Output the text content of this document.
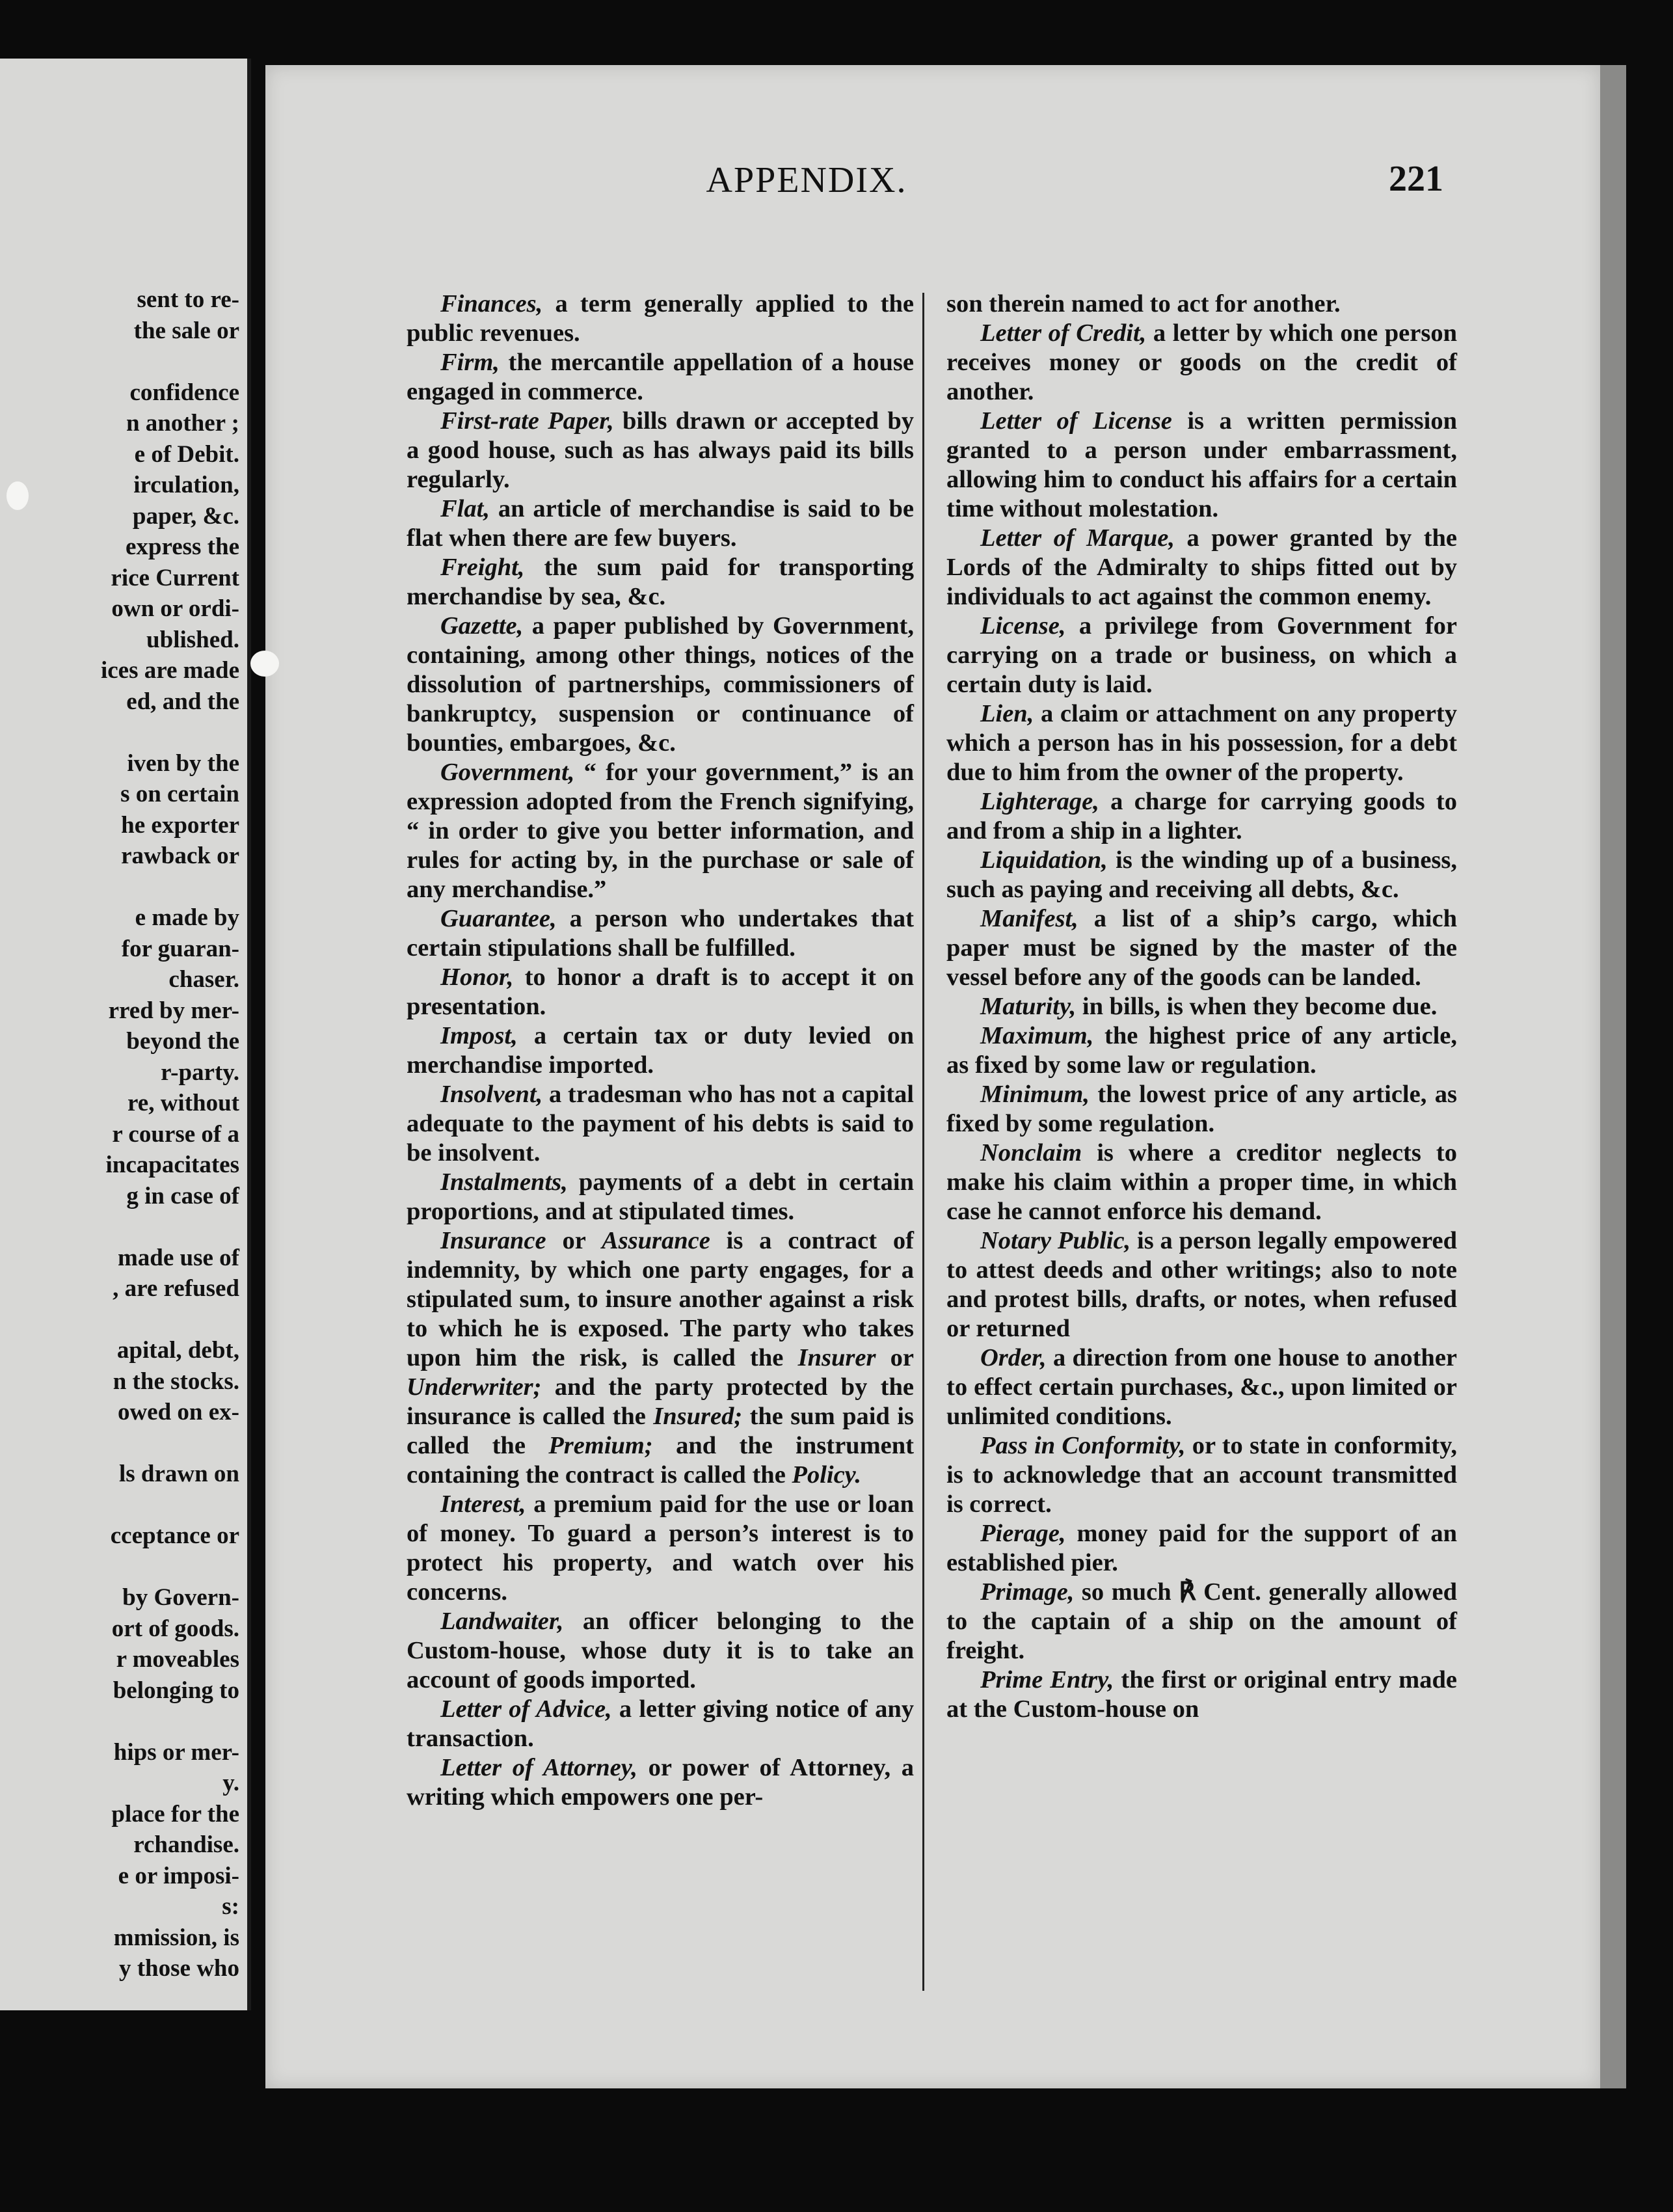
sent to re-
the sale or
confidence
n another ;
e of Debit.
irculation,
paper, &c.
express the
rice Current
own or ordi-
ublished.
ices are made
ed, and the
iven by the
s on certain
he exporter
rawback or
e made by
for guaran-
chaser.
rred by mer-
beyond the
r-party.
re, without
r course of a
incapacitates
g in case of
made use of
, are refused
apital, debt,
n the stocks.
owed on ex-
ls drawn on
cceptance or
by Govern-
ort of goods.
r moveables
belonging to
hips or mer-
y.
place for the
rchandise.
e or imposi-
s:
mmission, is
y those who
APPENDIX.	221
Finances, a term generally applied to the public revenues.
Firm, the mercantile appellation of a house engaged in commerce.
First-rate Paper, bills drawn or accepted by a good house, such as has always paid its bills regularly.
Flat, an article of merchandise is said to be flat when there are few buyers.
Freight, the sum paid for transporting merchandise by sea, &c.
Gazette, a paper published by Government, containing, among other things, notices of the dissolution of partnerships, commissioners of bankruptcy, suspension or continuance of bounties, embargoes, &c.
Government, “ for your government,” is an expression adopted from the French signifying, “ in order to give you better information, and rules for acting by, in the purchase or sale of any merchandise.”
Guarantee, a person who undertakes that certain stipulations shall be fulfilled.
Honor, to honor a draft is to accept it on presentation.
Impost, a certain tax or duty levied on merchandise imported.
Insolvent, a tradesman who has not a capital adequate to the payment of his debts is said to be insolvent.
Instalments, payments of a debt in certain proportions, and at stipulated times.
Insurance or Assurance is a contract of indemnity, by which one party engages, for a stipulated sum, to insure another against a risk to which he is exposed. The party who takes upon him the risk, is called the Insurer or Underwriter; and the party protected by the insurance is called the Insured; the sum paid is called the Premium; and the instrument containing the contract is called the Policy.
Interest, a premium paid for the use or loan of money. To guard a person’s interest is to protect his property, and watch over his concerns.
Landwaiter, an officer belonging to the Custom-house, whose duty it is to take an account of goods imported.
Letter of Advice, a letter giving notice of any transaction.
Letter of Attorney, or power of Attorney, a writing which empowers one per-
son therein named to act for another.
Letter of Credit, a letter by which one person receives money or goods on the credit of another.
Letter of License is a written permission granted to a person under embarrassment, allowing him to conduct his affairs for a certain time without molestation.
Letter of Marque, a power granted by the Lords of the Admiralty to ships fitted out by individuals to act against the common enemy.
License, a privilege from Government for carrying on a trade or business, on which a certain duty is laid.
Lien, a claim or attachment on any property which a person has in his possession, for a debt due to him from the owner of the property.
Lighterage, a charge for carrying goods to and from a ship in a lighter.
Liquidation, is the winding up of a business, such as paying and receiving all debts, &c.
Manifest, a list of a ship’s cargo, which paper must be signed by the master of the vessel before any of the goods can be landed.
Maturity, in bills, is when they become due.
Maximum, the highest price of any article, as fixed by some law or regulation.
Minimum, the lowest price of any article, as fixed by some regulation.
Nonclaim is where a creditor neglects to make his claim within a proper time, in which case he cannot enforce his demand.
Notary Public, is a person legally empowered to attest deeds and other writings; also to note and protest bills, drafts, or notes, when refused or returned
Order, a direction from one house to another to effect certain purchases, &c., upon limited or unlimited conditions.
Pass in Conformity, or to state in conformity, is to acknowledge that an account transmitted is correct.
Pierage, money paid for the support of an established pier.
Primage, so much ℟ Cent. generally allowed to the captain of a ship on the amount of freight.
Prime Entry, the first or original entry made at the Custom-house on
